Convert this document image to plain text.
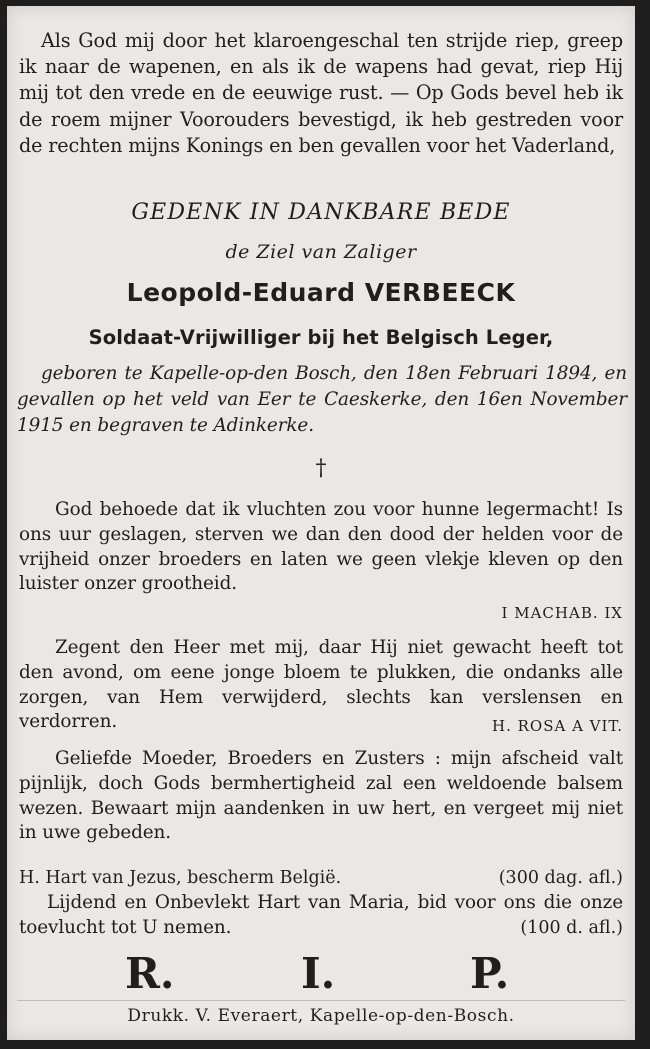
Als God mij door het klaroengeschal ten strijde riep, greep ik naar de wapenen, en als ik de wapens had gevat, riep Hij mij tot den vrede en de eeuwige rust. — Op Gods bevel heb ik de roem mijner Voorouders bevestigd, ik heb gestreden voor de rechten mijns Konings en ben gevallen voor het Vaderland,
GEDENK IN DANKBARE BEDE
de Ziel van Zaliger
Leopold-Eduard VERBEECK
Soldaat-Vrijwilliger bij het Belgisch Leger,
geboren te Kapelle-op-den Bosch, den 18en Februari 1894, en gevallen op het veld van Eer te Caeskerke, den 16en November 1915 en begraven te Adinkerke.
†
God behoede dat ik vluchten zou voor hunne legermacht! Is ons uur geslagen, sterven we dan den dood der helden voor de vrijheid onzer broeders en laten we geen vlekje kleven op den luister onzer grootheid.
I MACHAB. IX
Zegent den Heer met mij, daar Hij niet gewacht heeft tot den avond, om eene jonge bloem te plukken, die ondanks alle zorgen, van Hem verwijderd, slechts kan verslensen en verdorren.	H. ROSA A VIT.
Geliefde Moeder, Broeders en Zusters : mijn afscheid valt pijnlijk, doch Gods bermhertigheid zal een weldoende balsem wezen. Bewaart mijn aandenken in uw hert, en vergeet mij niet in uwe gebeden.
H. Hart van Jezus, bescherm België.	(300 dag. afl.)
Lijdend en Onbevlekt Hart van Maria, bid voor ons die onze toevlucht tot U nemen.	(100 d. afl.)
R.	I.	P.
Drukk. V. Everaert, Kapelle-op-den-Bosch.
